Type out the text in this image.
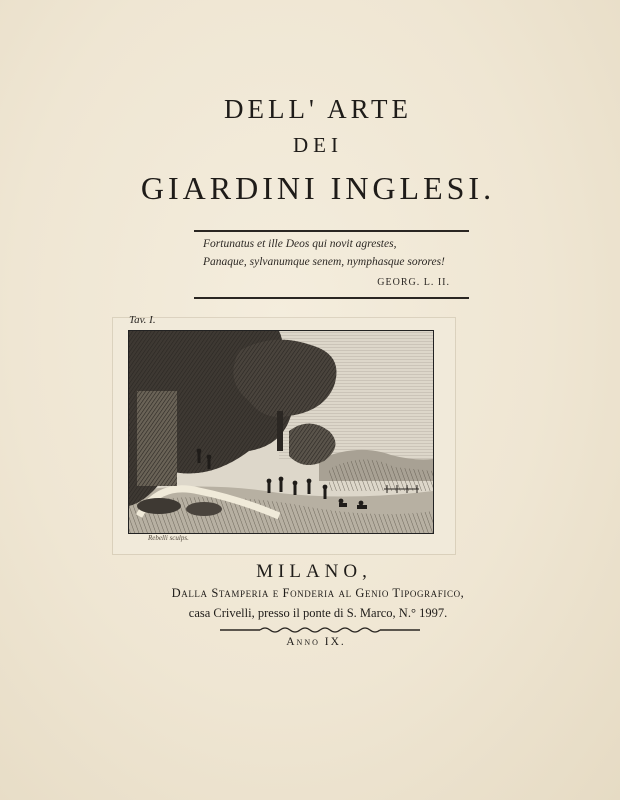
DELL' ARTE
DEI
GIARDINI INGLESI.
Fortunatus et ille Deos qui novit agrestes,
Panaque, sylvanumque senem, nymphasque sorores!
GEORG. L. II.
Tav. I.
Rebelli sculps.
MILANO,
Dalla Stamperia e Fonderia al Genio Tipografico,
casa Crivelli, presso il ponte di S. Marco, N.° 1997.
Anno IX.
